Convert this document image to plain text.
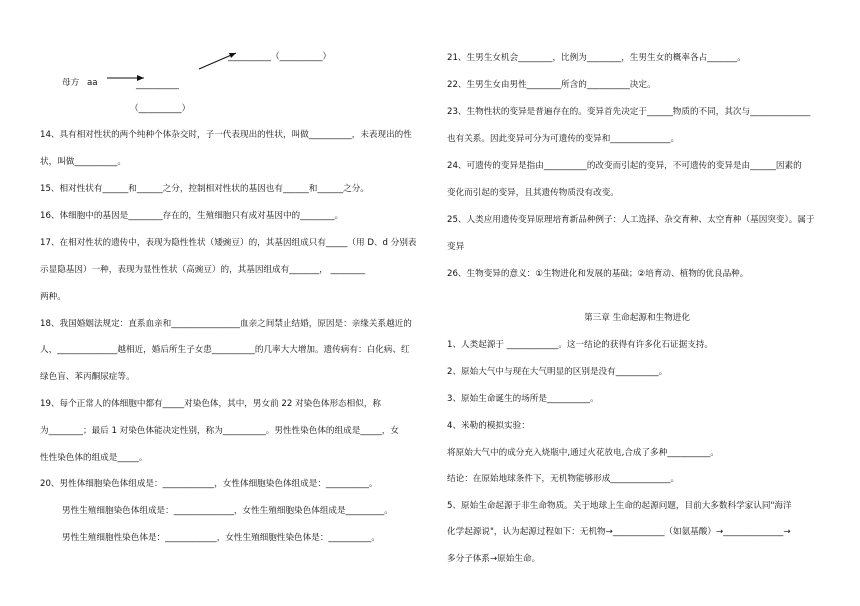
__________（__________）
母方 aa	__________
（__________）
14、具有相对性状的两个纯种个体杂交时，子一代表现出的性状，叫做__________，未表现出的性
状，叫做__________。
15、相对性状有______和______之分，控制相对性状的基因也有______和______之分。
16、体细胞中的基因是________存在的，生殖细胞只有成对基因中的________。
17、在相对性状的遗传中，表现为隐性性状（矮豌豆）的，其基因组成只有_____（用 D、d 分别表
示显隐基因）一种，表现为显性性状（高豌豆）的，其基因组成有_______， ________
两种。
18、我国婚姻法规定：直系血亲和________________血亲之间禁止结婚，原因是：亲缘关系越近的
人，______________越相近，婚后所生子女患__________的几率大大增加。遗传病有：白化病、红
绿色盲、苯丙酮尿症等。
19、每个正常人的体细胞中都有_____对染色体，其中，男女前 22 对染色体形态相似，称
为________；最后 1 对染色体能决定性别，称为__________。男性性染色体的组成是_____，女
性性染色体的组成是_____。
20、男性体细胞染色体组成是：____________，女性体细胞染色体组成是：__________。
男性生殖细胞染色体组成是：______________，女性生殖细胞染色体组成是_________。
男性生殖细胞性染色体是：____________，女性生殖细胞性染色体是：__________。
21、生男生女机会________，比例为________，生男生女的概率各占_______。
22、生男生女由男性________所含的__________决定。
23、生物性状的变异是普遍存在的。变异首先决定于______物质的不同，其次与______________
也有关系。因此变异可分为可遗传的变异和______________。
24、可遗传的变异是指由__________的改变而引起的变异，不可遗传的变异是由______因素的
变化而引起的变异，且其遗传物质没有改变。
25、人类应用遗传变异原理培育新品种例子：人工选择、杂交育种、太空育种（基因突变）。属于
变异
26、生物变异的意义：①生物进化和发展的基础；②培育动、植物的优良品种。
第三章 生命起源和生物进化
1、人类起源于 ____________。这一结论的获得有许多化石证据支持。
2、原始大气中与现在大气明显的区别是没有__________。
3、原始生命诞生的场所是__________。
4、米勒的模拟实验：
将原始大气中的成分充入烧瓶中,通过火花放电,合成了多种__________。
结论：在原始地球条件下，无机物能够形成______________。
5、原始生命起源于非生命物质。关于地球上生命的起源问题，目前大多数科学家认同"海洋
化学起源说"，认为起源过程如下：无机物→____________（如氨基酸）→______________→
多分子体系→原始生命。
